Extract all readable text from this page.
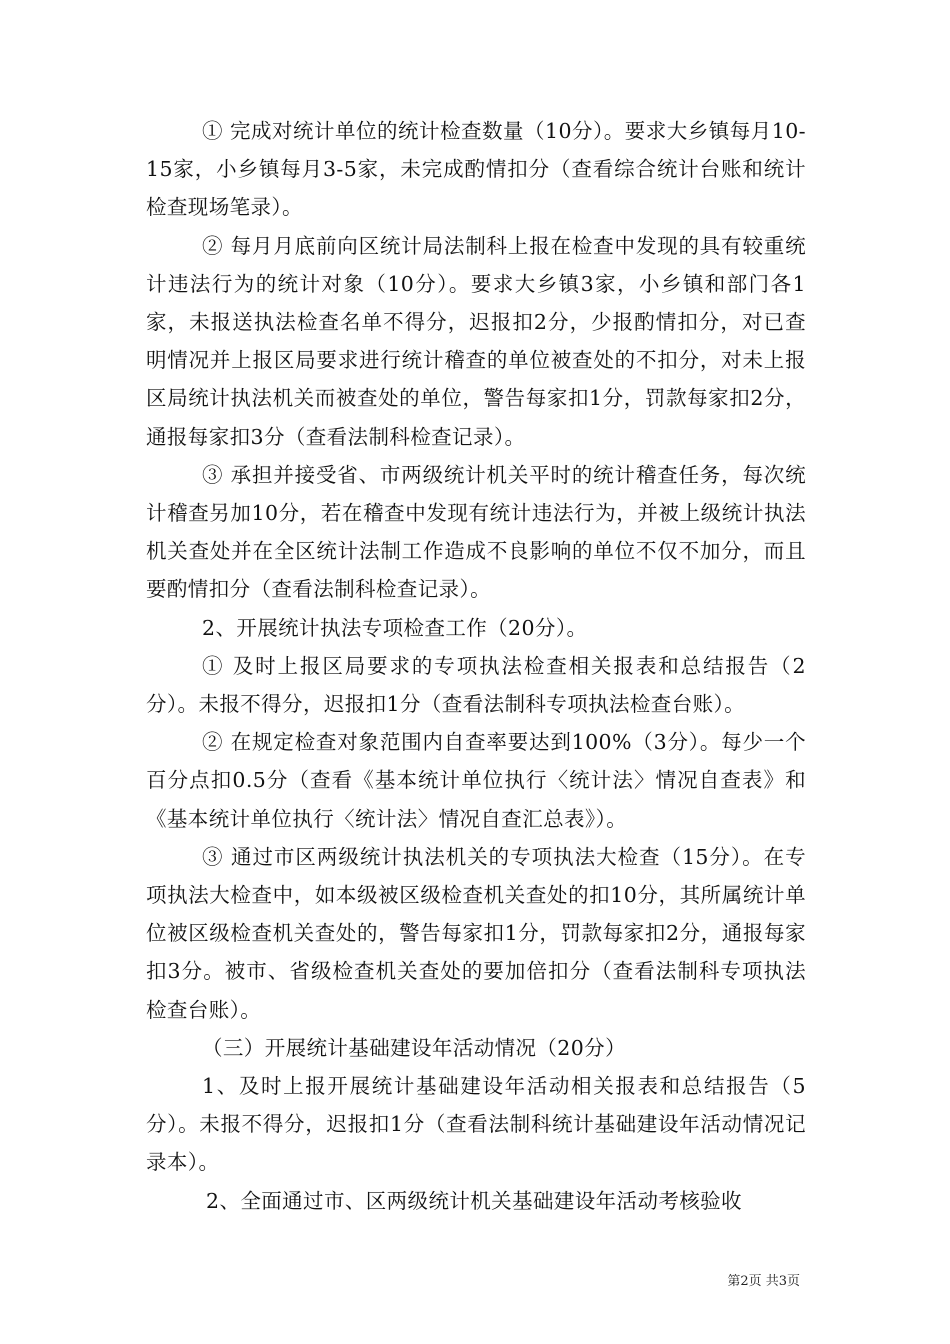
① 完成对统计单位的统计检查数量（10分）。要求大乡镇每月10-15家，小乡镇每月3-5家，未完成酌情扣分（查看综合统计台账和统计检查现场笔录）。

② 每月月底前向区统计局法制科上报在检查中发现的具有较重统计违法行为的统计对象（10分）。要求大乡镇3家，小乡镇和部门各1家，未报送执法检查名单不得分，迟报扣2分，少报酌情扣分，对已查明情况并上报区局要求进行统计稽查的单位被查处的不扣分，对未上报区局统计执法机关而被查处的单位，警告每家扣1分，罚款每家扣2分，通报每家扣3分（查看法制科检查记录）。

③ 承担并接受省、市两级统计机关平时的统计稽查任务，每次统计稽查另加10分，若在稽查中发现有统计违法行为，并被上级统计执法机关查处并在全区统计法制工作造成不良影响的单位不仅不加分，而且要酌情扣分（查看法制科检查记录）。

2、开展统计执法专项检查工作（20分）。

① 及时上报区局要求的专项执法检查相关报表和总结报告（2分）。未报不得分，迟报扣1分（查看法制科专项执法检查台账）。

② 在规定检查对象范围内自查率要达到100%（3分）。每少一个百分点扣0.5分（查看《基本统计单位执行〈统计法〉情况自查表》和《基本统计单位执行〈统计法〉情况自查汇总表》）。

③ 通过市区两级统计执法机关的专项执法大检查（15分）。在专项执法大检查中，如本级被区级检查机关查处的扣10分，其所属统计单位被区级检查机关查处的，警告每家扣1分，罚款每家扣2分，通报每家扣3分。被市、省级检查机关查处的要加倍扣分（查看法制科专项执法检查台账）。

（三）开展统计基础建设年活动情况（20分）

1、及时上报开展统计基础建设年活动相关报表和总结报告（5分）。未报不得分，迟报扣1分（查看法制科统计基础建设年活动情况记录本）。

2、全面通过市、区两级统计机关基础建设年活动考核验收

第2页 共3页
